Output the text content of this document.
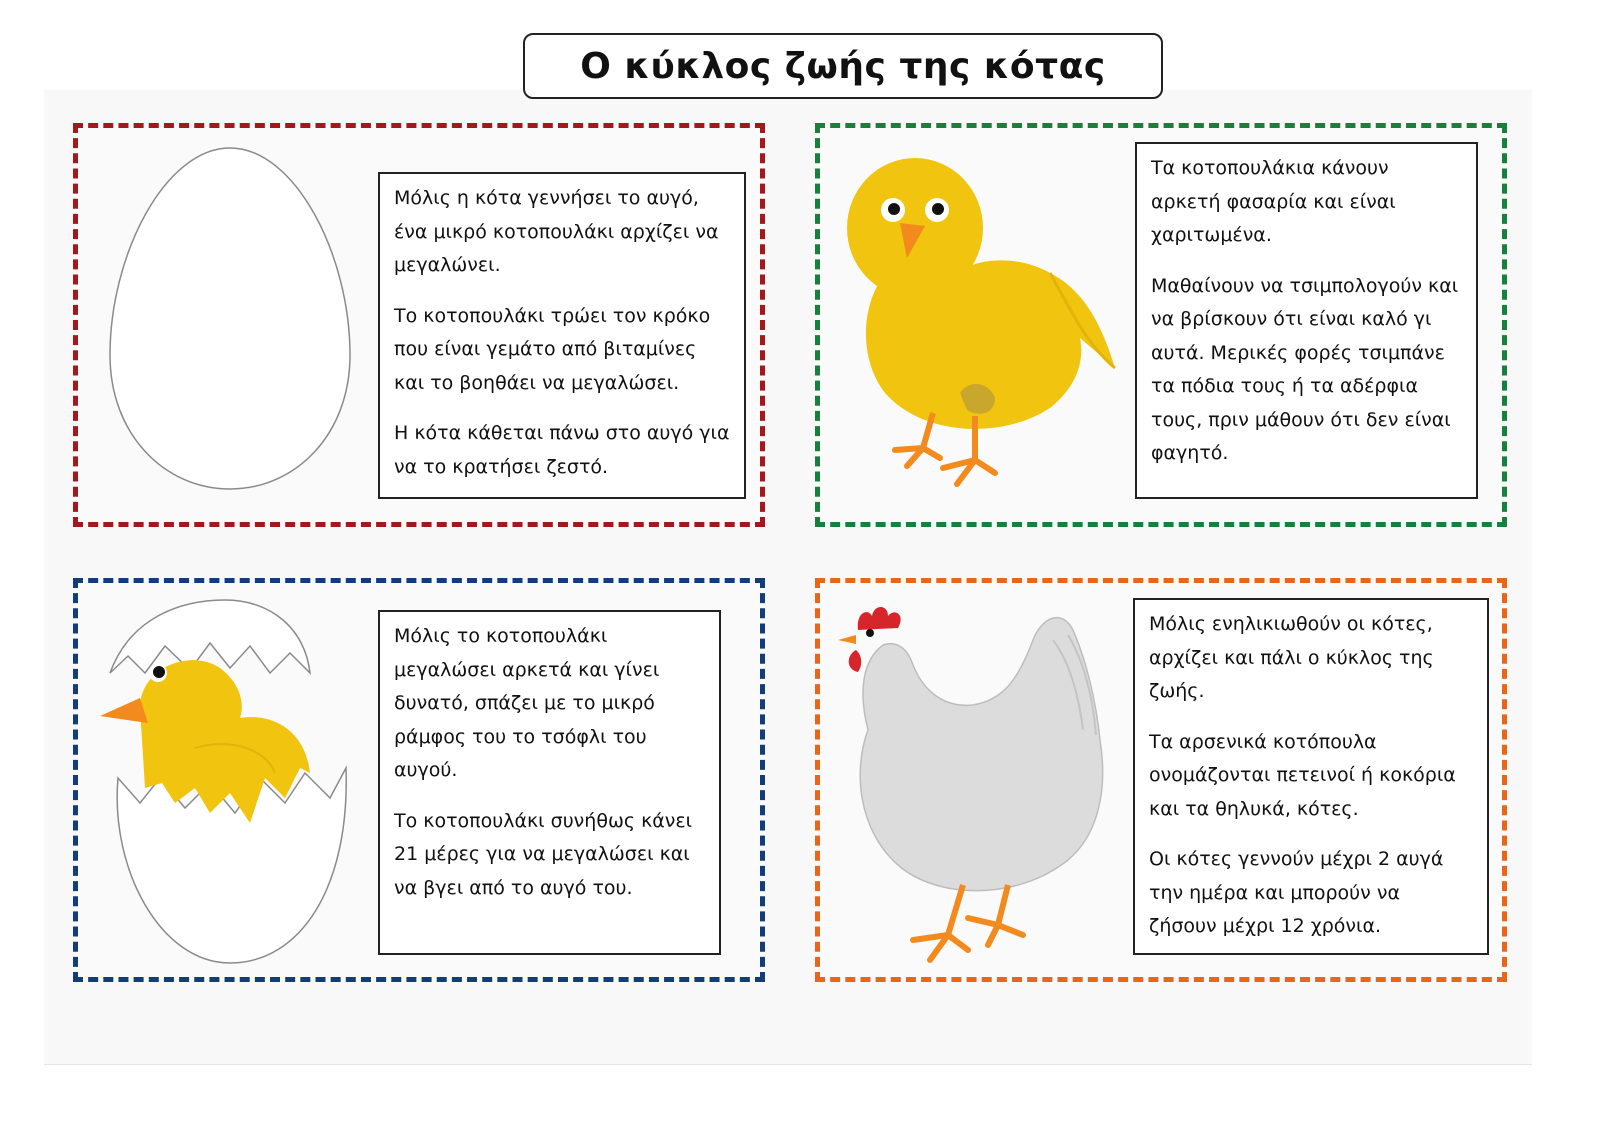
Ο κύκλος ζωής της κότας

Μόλις η κότα γεννήσει το αυγό, ένα μικρό κοτοπουλάκι αρχίζει να μεγαλώνει.

Το κοτοπουλάκι τρώει τον κρόκο που είναι γεμάτο από βιταμίνες και το βοηθάει να μεγαλώσει.

Η κότα κάθεται πάνω στο αυγό για να το κρατήσει ζεστό.

Τα κοτοπουλάκια κάνουν αρκετή φασαρία και είναι χαριτωμένα.

Μαθαίνουν να τσιμπολογούν και να βρίσκουν ότι είναι καλό γι αυτά. Μερικές φορές τσιμπάνε τα πόδια τους ή τα αδέρφια τους, πριν μάθουν ότι δεν είναι φαγητό.

Μόλις το κοτοπουλάκι μεγαλώσει αρκετά και γίνει δυνατό, σπάζει με το μικρό ράμφος του το τσόφλι του αυγού.

Το κοτοπουλάκι συνήθως κάνει 21 μέρες για να μεγαλώσει και να βγει από το αυγό του.

Μόλις ενηλικιωθούν οι κότες, αρχίζει και πάλι ο κύκλος της ζωής.

Τα αρσενικά κοτόπουλα ονομάζονται πετεινοί ή κοκόρια και τα θηλυκά, κότες.

Οι κότες γεννούν μέχρι 2 αυγά την ημέρα και μπορούν να ζήσουν μέχρι 12 χρόνια.
